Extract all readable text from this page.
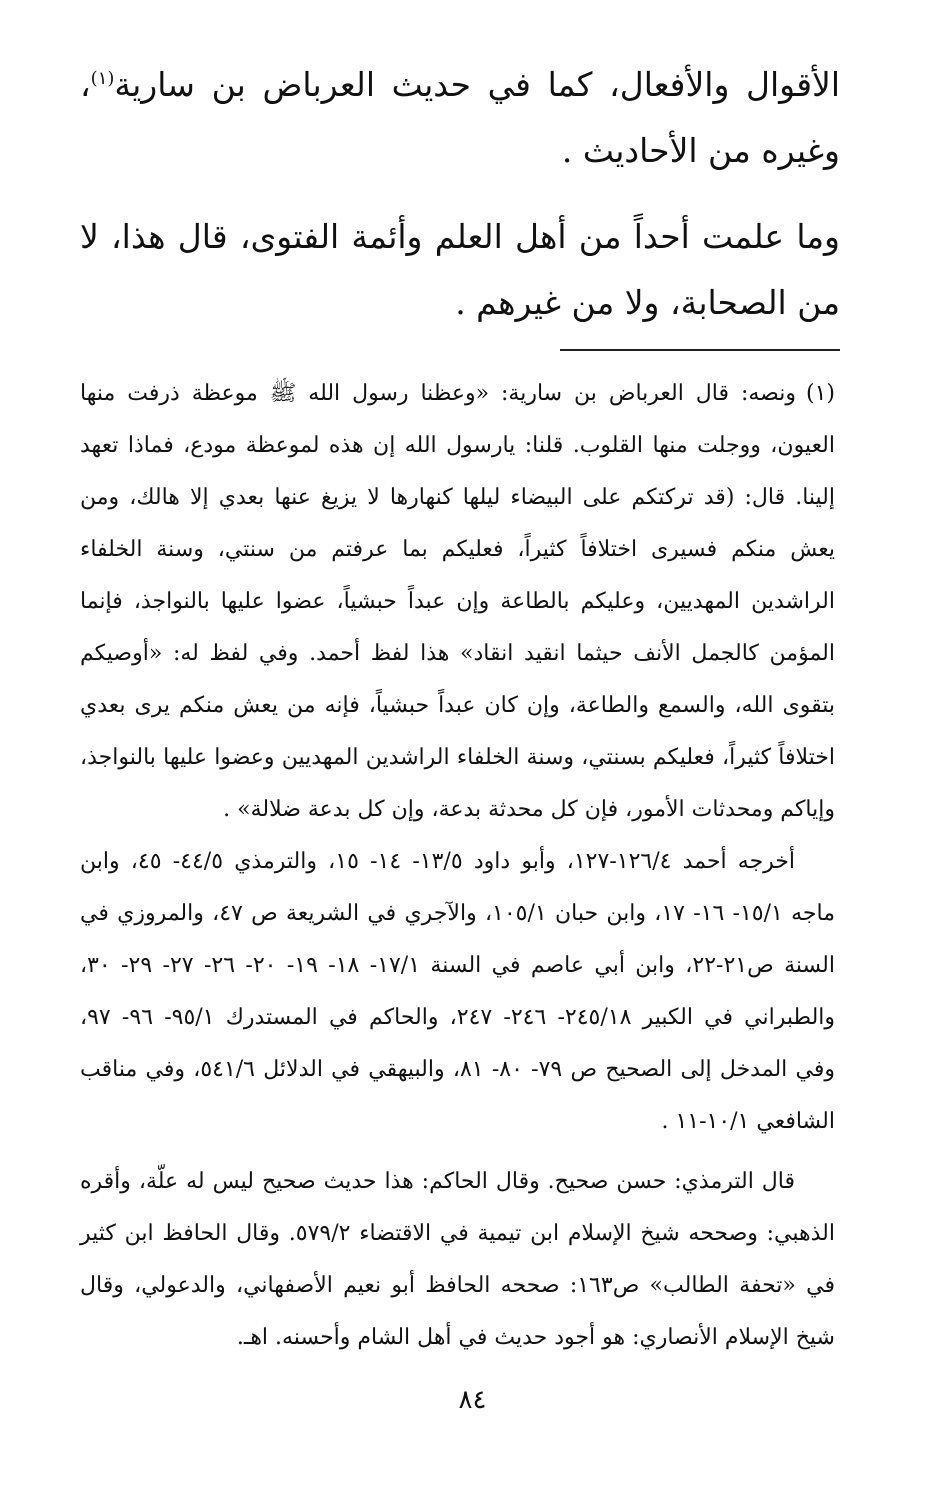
الأقوال والأفعال، كما في حديث العرباض بن سارية$^{(١)}$، وغيره من الأحاديث .

وما علمت أحداً من أهل العلم وأئمة الفتوى، قال هذا، لا من الصحابة، ولا من غيرهم .

(١)ونصه: قال العرباض بن سارية: «وعظنا رسول الله ﷺ موعظة ذرفت منها العيون، ووجلت منها القلوب. قلنا: يارسول الله إن هذه لموعظة مودع، فماذا تعهد إلينا. قال: (قد تركتكم على البيضاء ليلها كنهارها لا يزيغ عنها بعدي إلا هالك، ومن يعش منكم فسيرى اختلافاً كثيراً، فعليكم بما عرفتم من سنتي، وسنة الخلفاء الراشدين المهديين، وعليكم بالطاعة وإن عبداً حبشياً، عضوا عليها بالنواجذ، فإنما المؤمن كالجمل الأنف حيثما انقيد انقاد» هذا لفظ أحمد. وفي لفظ له: «أوصيكم بتقوى الله، والسمع والطاعة، وإن كان عبداً حبشياً، فإنه من يعش منكم يرى بعدي اختلافاً كثيراً، فعليكم بسنتي، وسنة الخلفاء الراشدين المهديين وعضوا عليها بالنواجذ، وإياكم ومحدثات الأمور، فإن كل محدثة بدعة، وإن كل بدعة ضلالة» .

أخرجه أحمد ١٢٦/٤-١٢٧، وأبو داود ١٣/٥- ١٤- ١٥، والترمذي ٤٤/٥- ٤٥، وابن ماجه ١٥/١- ١٦- ١٧، وابن حبان ١٠٥/١، والآجري في الشريعة ص ٤٧، والمروزي في السنة ص٢١-٢٢، وابن أبي عاصم في السنة ١٧/١- ١٨- ١٩- ٢٠- ٢٦- ٢٧- ٢٩- ٣٠، والطبراني في الكبير ٢٤٥/١٨- ٢٤٦- ٢٤٧، والحاكم في المستدرك ٩٥/١- ٩٦- ٩٧، وفي المدخل إلى الصحيح ص ٧٩- ٨٠- ٨١، والبيهقي في الدلائل ٥٤١/٦، وفي مناقب الشافعي ١٠/١-١١ .

قال الترمذي: حسن صحيح. وقال الحاكم: هذا حديث صحيح ليس له علّة، وأقره الذهبي: وصححه شيخ الإسلام ابن تيمية في الاقتضاء ٥٧٩/٢. وقال الحافظ ابن كثير في «تحفة الطالب» ص١٦٣: صححه الحافظ أبو نعيم الأصفهاني، والدعولي، وقال شيخ الإسلام الأنصاري: هو أجود حديث في أهل الشام وأحسنه. اهـ.

٨٤
